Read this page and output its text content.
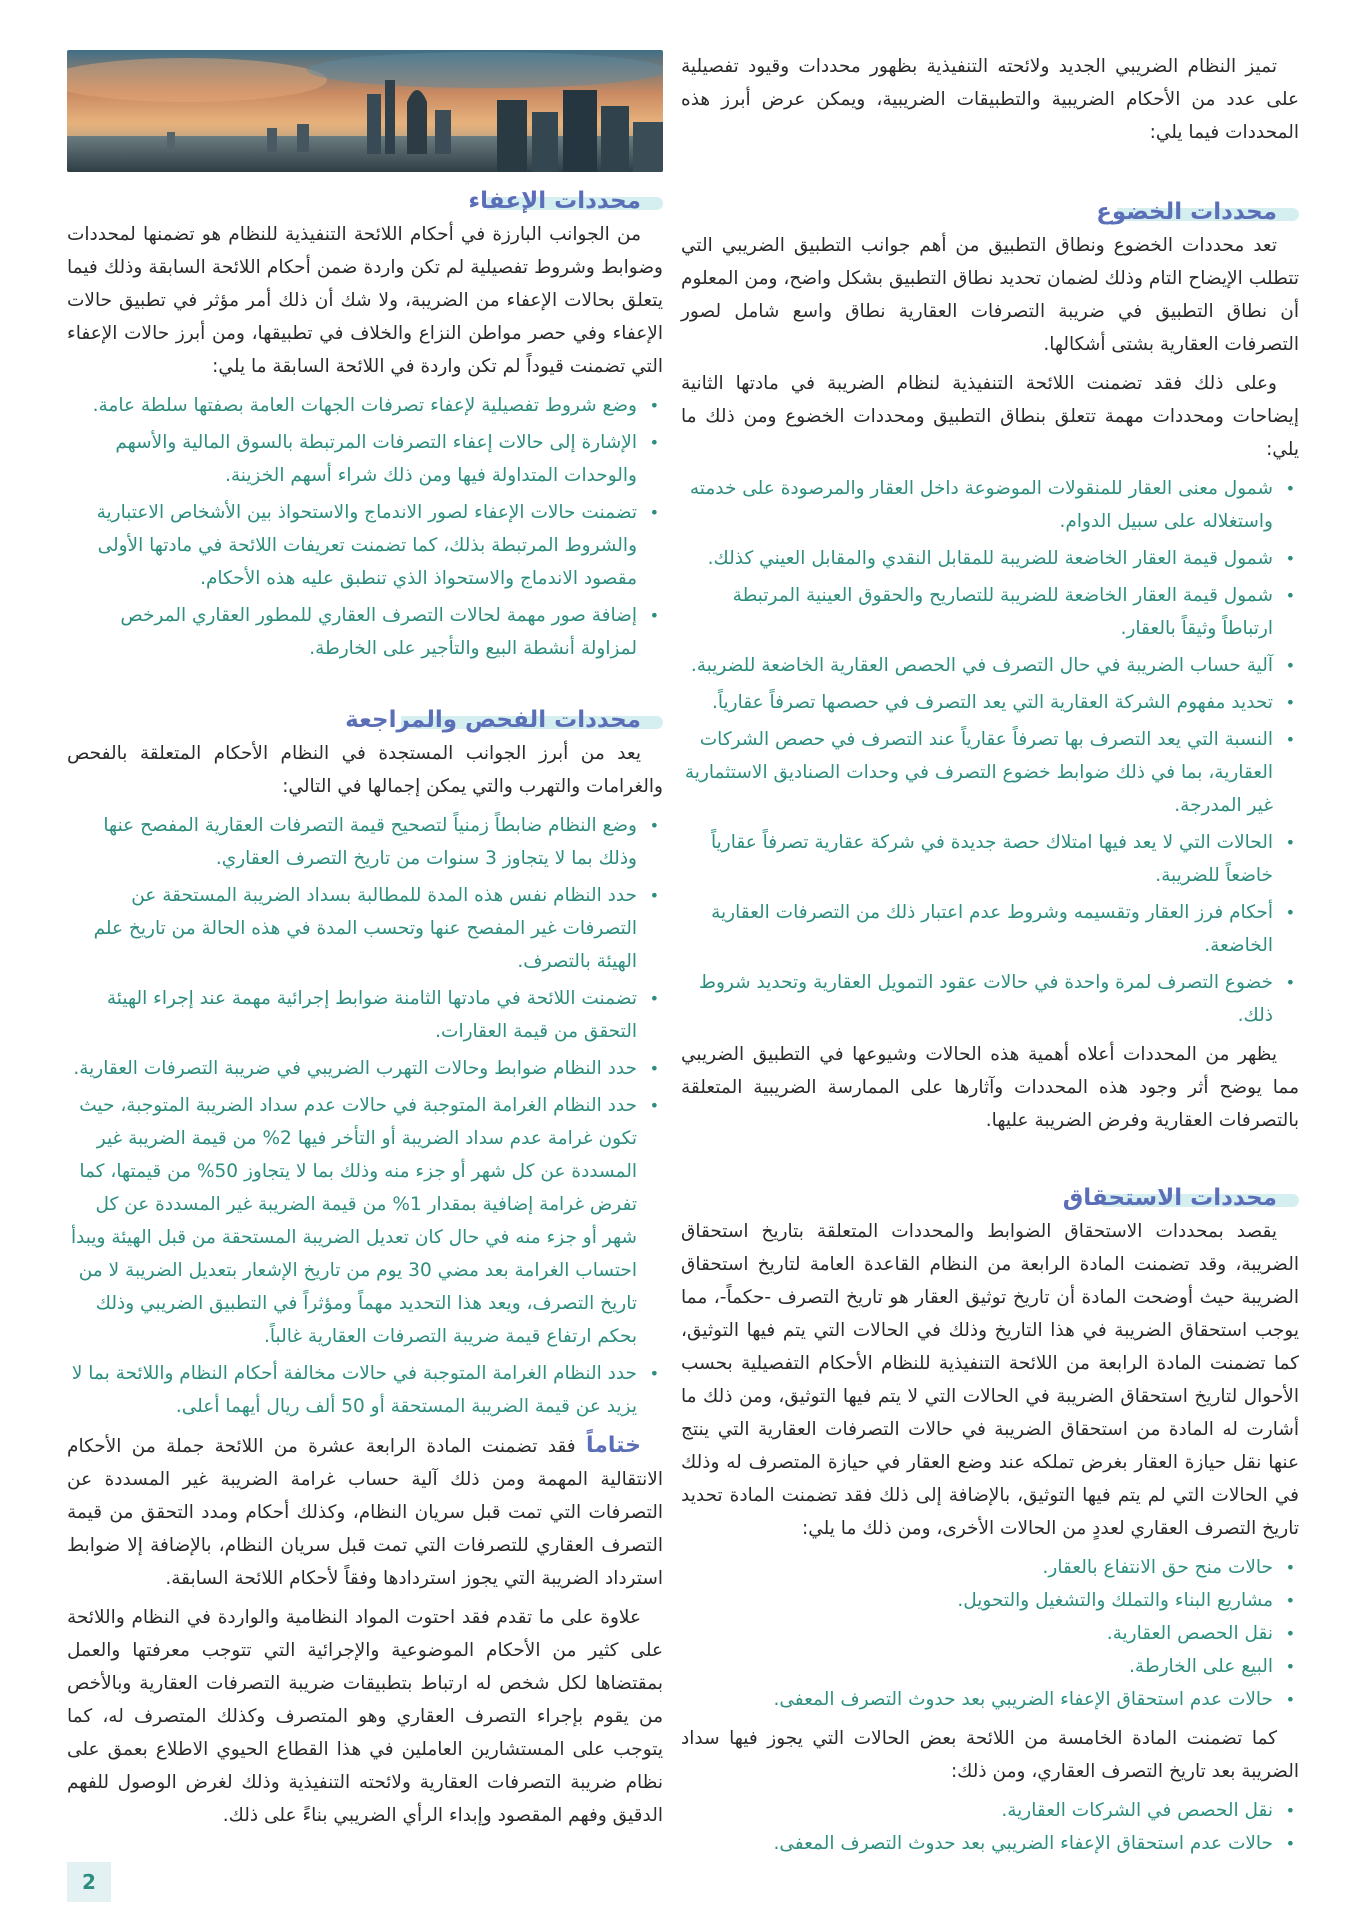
تميز النظام الضريبي الجديد ولائحته التنفيذية بظهور محددات وقيود تفصيلية على عدد من الأحكام الضريبية والتطبيقات الضريبية، ويمكن عرض أبرز هذه المحددات فيما يلي:

محددات الخضوع

تعد محددات الخضوع ونطاق التطبيق من أهم جوانب التطبيق الضريبي التي تتطلب الإيضاح التام وذلك لضمان تحديد نطاق التطبيق بشكل واضح، ومن المعلوم أن نطاق التطبيق في ضريبة التصرفات العقارية نطاق واسع شامل لصور التصرفات العقارية بشتى أشكالها.

وعلى ذلك فقد تضمنت اللائحة التنفيذية لنظام الضريبة في مادتها الثانية إيضاحات ومحددات مهمة تتعلق بنطاق التطبيق ومحددات الخضوع ومن ذلك ما يلي:

•
شمول معنى العقار للمنقولات الموضوعة داخل العقار والمرصودة على خدمته واستغلاله على سبيل الدوام.
•
شمول قيمة العقار الخاضعة للضريبة للمقابل النقدي والمقابل العيني كذلك.
•
شمول قيمة العقار الخاضعة للضريبة للتصاريح والحقوق العينية المرتبطة ارتباطاً وثيقاً بالعقار.
•
آلية حساب الضريبة في حال التصرف في الحصص العقارية الخاضعة للضريبة.
•
تحديد مفهوم الشركة العقارية التي يعد التصرف في حصصها تصرفاً عقارياً.
•
النسبة التي يعد التصرف بها تصرفاً عقارياً عند التصرف في حصص الشركات العقارية، بما في ذلك ضوابط خضوع التصرف في وحدات الصناديق الاستثمارية غير المدرجة.
•
الحالات التي لا يعد فيها امتلاك حصة جديدة في شركة عقارية تصرفاً عقارياً خاضعاً للضريبة.
•
أحكام فرز العقار وتقسيمه وشروط عدم اعتبار ذلك من التصرفات العقارية الخاضعة.
•
خضوع التصرف لمرة واحدة في حالات عقود التمويل العقارية وتحديد شروط ذلك.

يظهر من المحددات أعلاه أهمية هذه الحالات وشيوعها في التطبيق الضريبي مما يوضح أثر وجود هذه المحددات وآثارها على الممارسة الضريبية المتعلقة بالتصرفات العقارية وفرض الضريبة عليها.

محددات الاستحقاق

يقصد بمحددات الاستحقاق الضوابط والمحددات المتعلقة بتاريخ استحقاق الضريبة، وقد تضمنت المادة الرابعة من النظام القاعدة العامة لتاريخ استحقاق الضريبة حيث أوضحت المادة أن تاريخ توثيق العقار هو تاريخ التصرف -حكماً-، مما يوجب استحقاق الضريبة في هذا التاريخ وذلك في الحالات التي يتم فيها التوثيق، كما تضمنت المادة الرابعة من اللائحة التنفيذية للنظام الأحكام التفصيلية بحسب الأحوال لتاريخ استحقاق الضريبة في الحالات التي لا يتم فيها التوثيق، ومن ذلك ما أشارت له المادة من استحقاق الضريبة في حالات التصرفات العقارية التي ينتج عنها نقل حيازة العقار بغرض تملكه عند وضع العقار في حيازة المتصرف له وذلك في الحالات التي لم يتم فيها التوثيق، بالإضافة إلى ذلك فقد تضمنت المادة تحديد تاريخ التصرف العقاري لعددٍ من الحالات الأخرى، ومن ذلك ما يلي:

•
حالات منح حق الانتفاع بالعقار.
•
مشاريع البناء والتملك والتشغيل والتحويل.
•
نقل الحصص العقارية.
•
البيع على الخارطة.
•
حالات عدم استحقاق الإعفاء الضريبي بعد حدوث التصرف المعفى.

كما تضمنت المادة الخامسة من اللائحة بعض الحالات التي يجوز فيها سداد الضريبة بعد تاريخ التصرف العقاري، ومن ذلك:

•
نقل الحصص في الشركات العقارية.
•
حالات عدم استحقاق الإعفاء الضريبي بعد حدوث التصرف المعفى.
محددات الإعفاء

من الجوانب البارزة في أحكام اللائحة التنفيذية للنظام هو تضمنها لمحددات وضوابط وشروط تفصيلية لم تكن واردة ضمن أحكام اللائحة السابقة وذلك فيما يتعلق بحالات الإعفاء من الضريبة، ولا شك أن ذلك أمر مؤثر في تطبيق حالات الإعفاء وفي حصر مواطن النزاع والخلاف في تطبيقها، ومن أبرز حالات الإعفاء التي تضمنت قيوداً لم تكن واردة في اللائحة السابقة ما يلي:

•
وضع شروط تفصيلية لإعفاء تصرفات الجهات العامة بصفتها سلطة عامة.
•
الإشارة إلى حالات إعفاء التصرفات المرتبطة بالسوق المالية والأسهم والوحدات المتداولة فيها ومن ذلك شراء أسهم الخزينة.
•
تضمنت حالات الإعفاء لصور الاندماج والاستحواذ بين الأشخاص الاعتبارية والشروط المرتبطة بذلك، كما تضمنت تعريفات اللائحة في مادتها الأولى مقصود الاندماج والاستحواذ الذي تنطبق عليه هذه الأحكام.
•
إضافة صور مهمة لحالات التصرف العقاري للمطور العقاري المرخص لمزاولة أنشطة البيع والتأجير على الخارطة.
محددات الفحص والمراجعة

يعد من أبرز الجوانب المستجدة في النظام الأحكام المتعلقة بالفحص والغرامات والتهرب والتي يمكن إجمالها في التالي:

•
وضع النظام ضابطاً زمنياً لتصحيح قيمة التصرفات العقارية المفصح عنها وذلك بما لا يتجاوز 3 سنوات من تاريخ التصرف العقاري.
•
حدد النظام نفس هذه المدة للمطالبة بسداد الضريبة المستحقة عن التصرفات غير المفصح عنها وتحسب المدة في هذه الحالة من تاريخ علم الهيئة بالتصرف.
•
تضمنت اللائحة في مادتها الثامنة ضوابط إجرائية مهمة عند إجراء الهيئة التحقق من قيمة العقارات.
•
حدد النظام ضوابط وحالات التهرب الضريبي في ضريبة التصرفات العقارية.
•
حدد النظام الغرامة المتوجبة في حالات عدم سداد الضريبة المتوجبة، حيث تكون غرامة عدم سداد الضريبة أو التأخر فيها 2% من قيمة الضريبة غير المسددة عن كل شهر أو جزء منه وذلك بما لا يتجاوز 50% من قيمتها، كما تفرض غرامة إضافية بمقدار 1% من قيمة الضريبة غير المسددة عن كل شهر أو جزء منه في حال كان تعديل الضريبة المستحقة من قبل الهيئة ويبدأ احتساب الغرامة بعد مضي 30 يوم من تاريخ الإشعار بتعديل الضريبة لا من تاريخ التصرف، ويعد هذا التحديد مهماً ومؤثراً في التطبيق الضريبي وذلك بحكم ارتفاع قيمة ضريبة التصرفات العقارية غالباً.
•
حدد النظام الغرامة المتوجبة في حالات مخالفة أحكام النظام واللائحة بما لا يزيد عن قيمة الضريبة المستحقة أو 50 ألف ريال أيهما أعلى.

ختاماً فقد تضمنت المادة الرابعة عشرة من اللائحة جملة من الأحكام الانتقالية المهمة ومن ذلك آلية حساب غرامة الضريبة غير المسددة عن التصرفات التي تمت قبل سريان النظام، وكذلك أحكام ومدد التحقق من قيمة التصرف العقاري للتصرفات التي تمت قبل سريان النظام، بالإضافة إلا ضوابط استرداد الضريبة التي يجوز استردادها وفقاً لأحكام اللائحة السابقة.

علاوة على ما تقدم فقد احتوت المواد النظامية والواردة في النظام واللائحة على كثير من الأحكام الموضوعية والإجرائية التي تتوجب معرفتها والعمل بمقتضاها لكل شخص له ارتباط بتطبيقات ضريبة التصرفات العقارية وبالأخص من يقوم بإجراء التصرف العقاري وهو المتصرف وكذلك المتصرف له، كما يتوجب على المستشارين العاملين في هذا القطاع الحيوي الاطلاع بعمق على نظام ضريبة التصرفات العقارية ولائحته التنفيذية وذلك لغرض الوصول للفهم الدقيق وفهم المقصود وإبداء الرأي الضريبي بناءً على ذلك.

2
